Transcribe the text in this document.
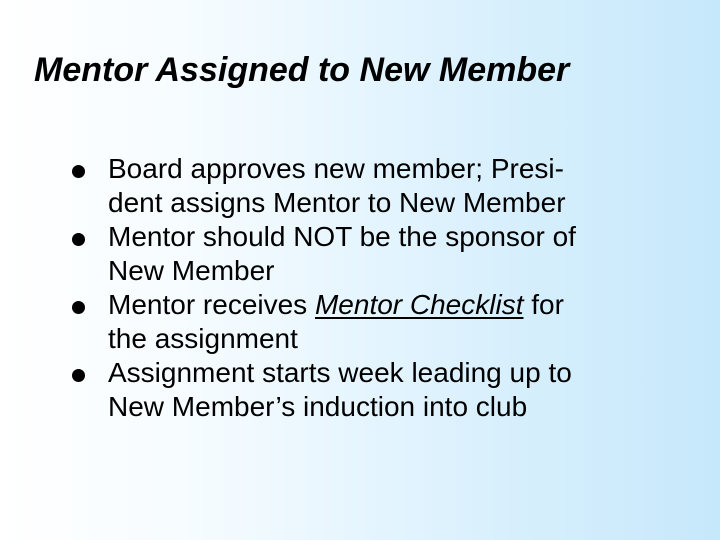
Mentor Assigned to New Member
Board approves new member; Presi-
dent assigns Mentor to New Member
Mentor should NOT be the sponsor of
New Member
Mentor receives Mentor Checklist for
the assignment
Assignment starts week leading up to
New Member’s induction into club
